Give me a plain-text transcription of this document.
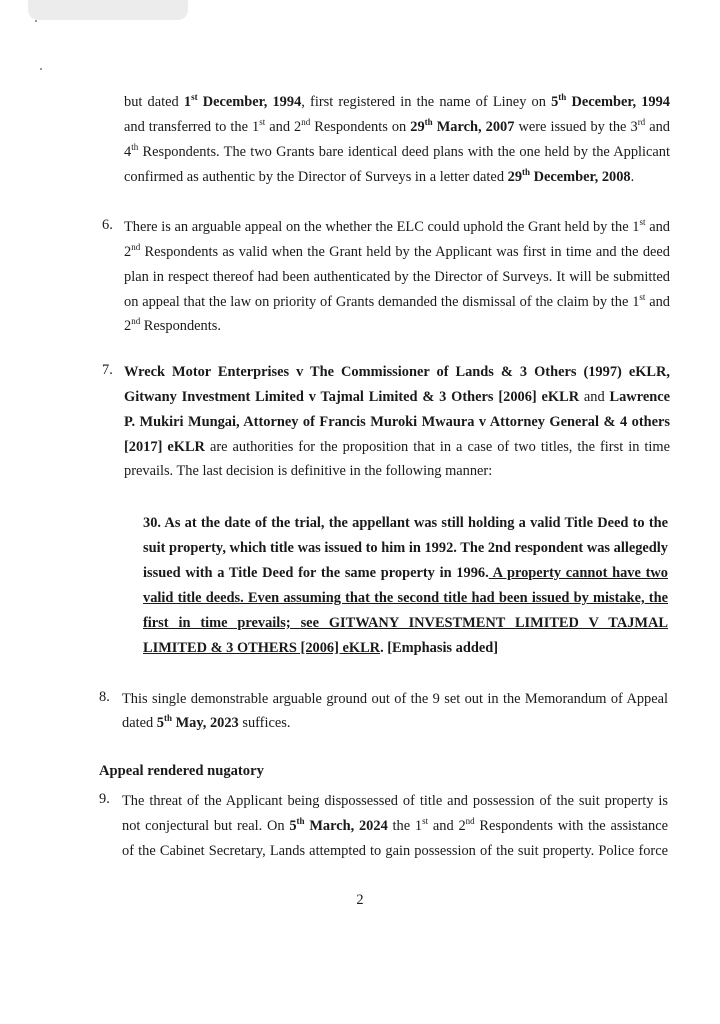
but dated 1st December, 1994, first registered in the name of Liney on 5th December, 1994
and transferred to the 1st and 2nd Respondents on 29th March, 2007 were issued by the 3rd and
4th Respondents. The two Grants bare identical deed plans with the one held by the Applicant
confirmed as authentic by the Director of Surveys in a letter dated 29th December, 2008.
6. There is an arguable appeal on the whether the ELC could uphold the Grant held by the 1st and
2nd Respondents as valid when the Grant held by the Applicant was first in time and the deed
plan in respect thereof had been authenticated by the Director of Surveys. It will be submitted
on appeal that the law on priority of Grants demanded the dismissal of the claim by the 1st and
2nd Respondents.
7. Wreck Motor Enterprises v The Commissioner of Lands & 3 Others (1997) eKLR,
Gitwany Investment Limited v Tajmal Limited & 3 Others [2006] eKLR and Lawrence
P. Mukiri Mungai, Attorney of Francis Muroki Mwaura v Attorney General & 4 others
[2017] eKLR are authorities for the proposition that in a case of two titles, the first in time
prevails. The last decision is definitive in the following manner:
30. As at the date of the trial, the appellant was still holding a valid Title Deed to the
suit property, which title was issued to him in 1992. The 2nd respondent was allegedly
issued with a Title Deed for the same property in 1996. A property cannot have two
valid title deeds. Even assuming that the second title had been issued by mistake, the
first in time prevails; see GITWANY INVESTMENT LIMITED V TAJMAL
LIMITED & 3 OTHERS [2006] eKLR. [Emphasis added]
8. This single demonstrable arguable ground out of the 9 set out in the Memorandum of Appeal
dated 5th May, 2023 suffices.
Appeal rendered nugatory
9. The threat of the Applicant being dispossessed of title and possession of the suit property is
not conjectural but real. On 5th March, 2024 the 1st and 2nd Respondents with the assistance
of the Cabinet Secretary, Lands attempted to gain possession of the suit property. Police force
2
